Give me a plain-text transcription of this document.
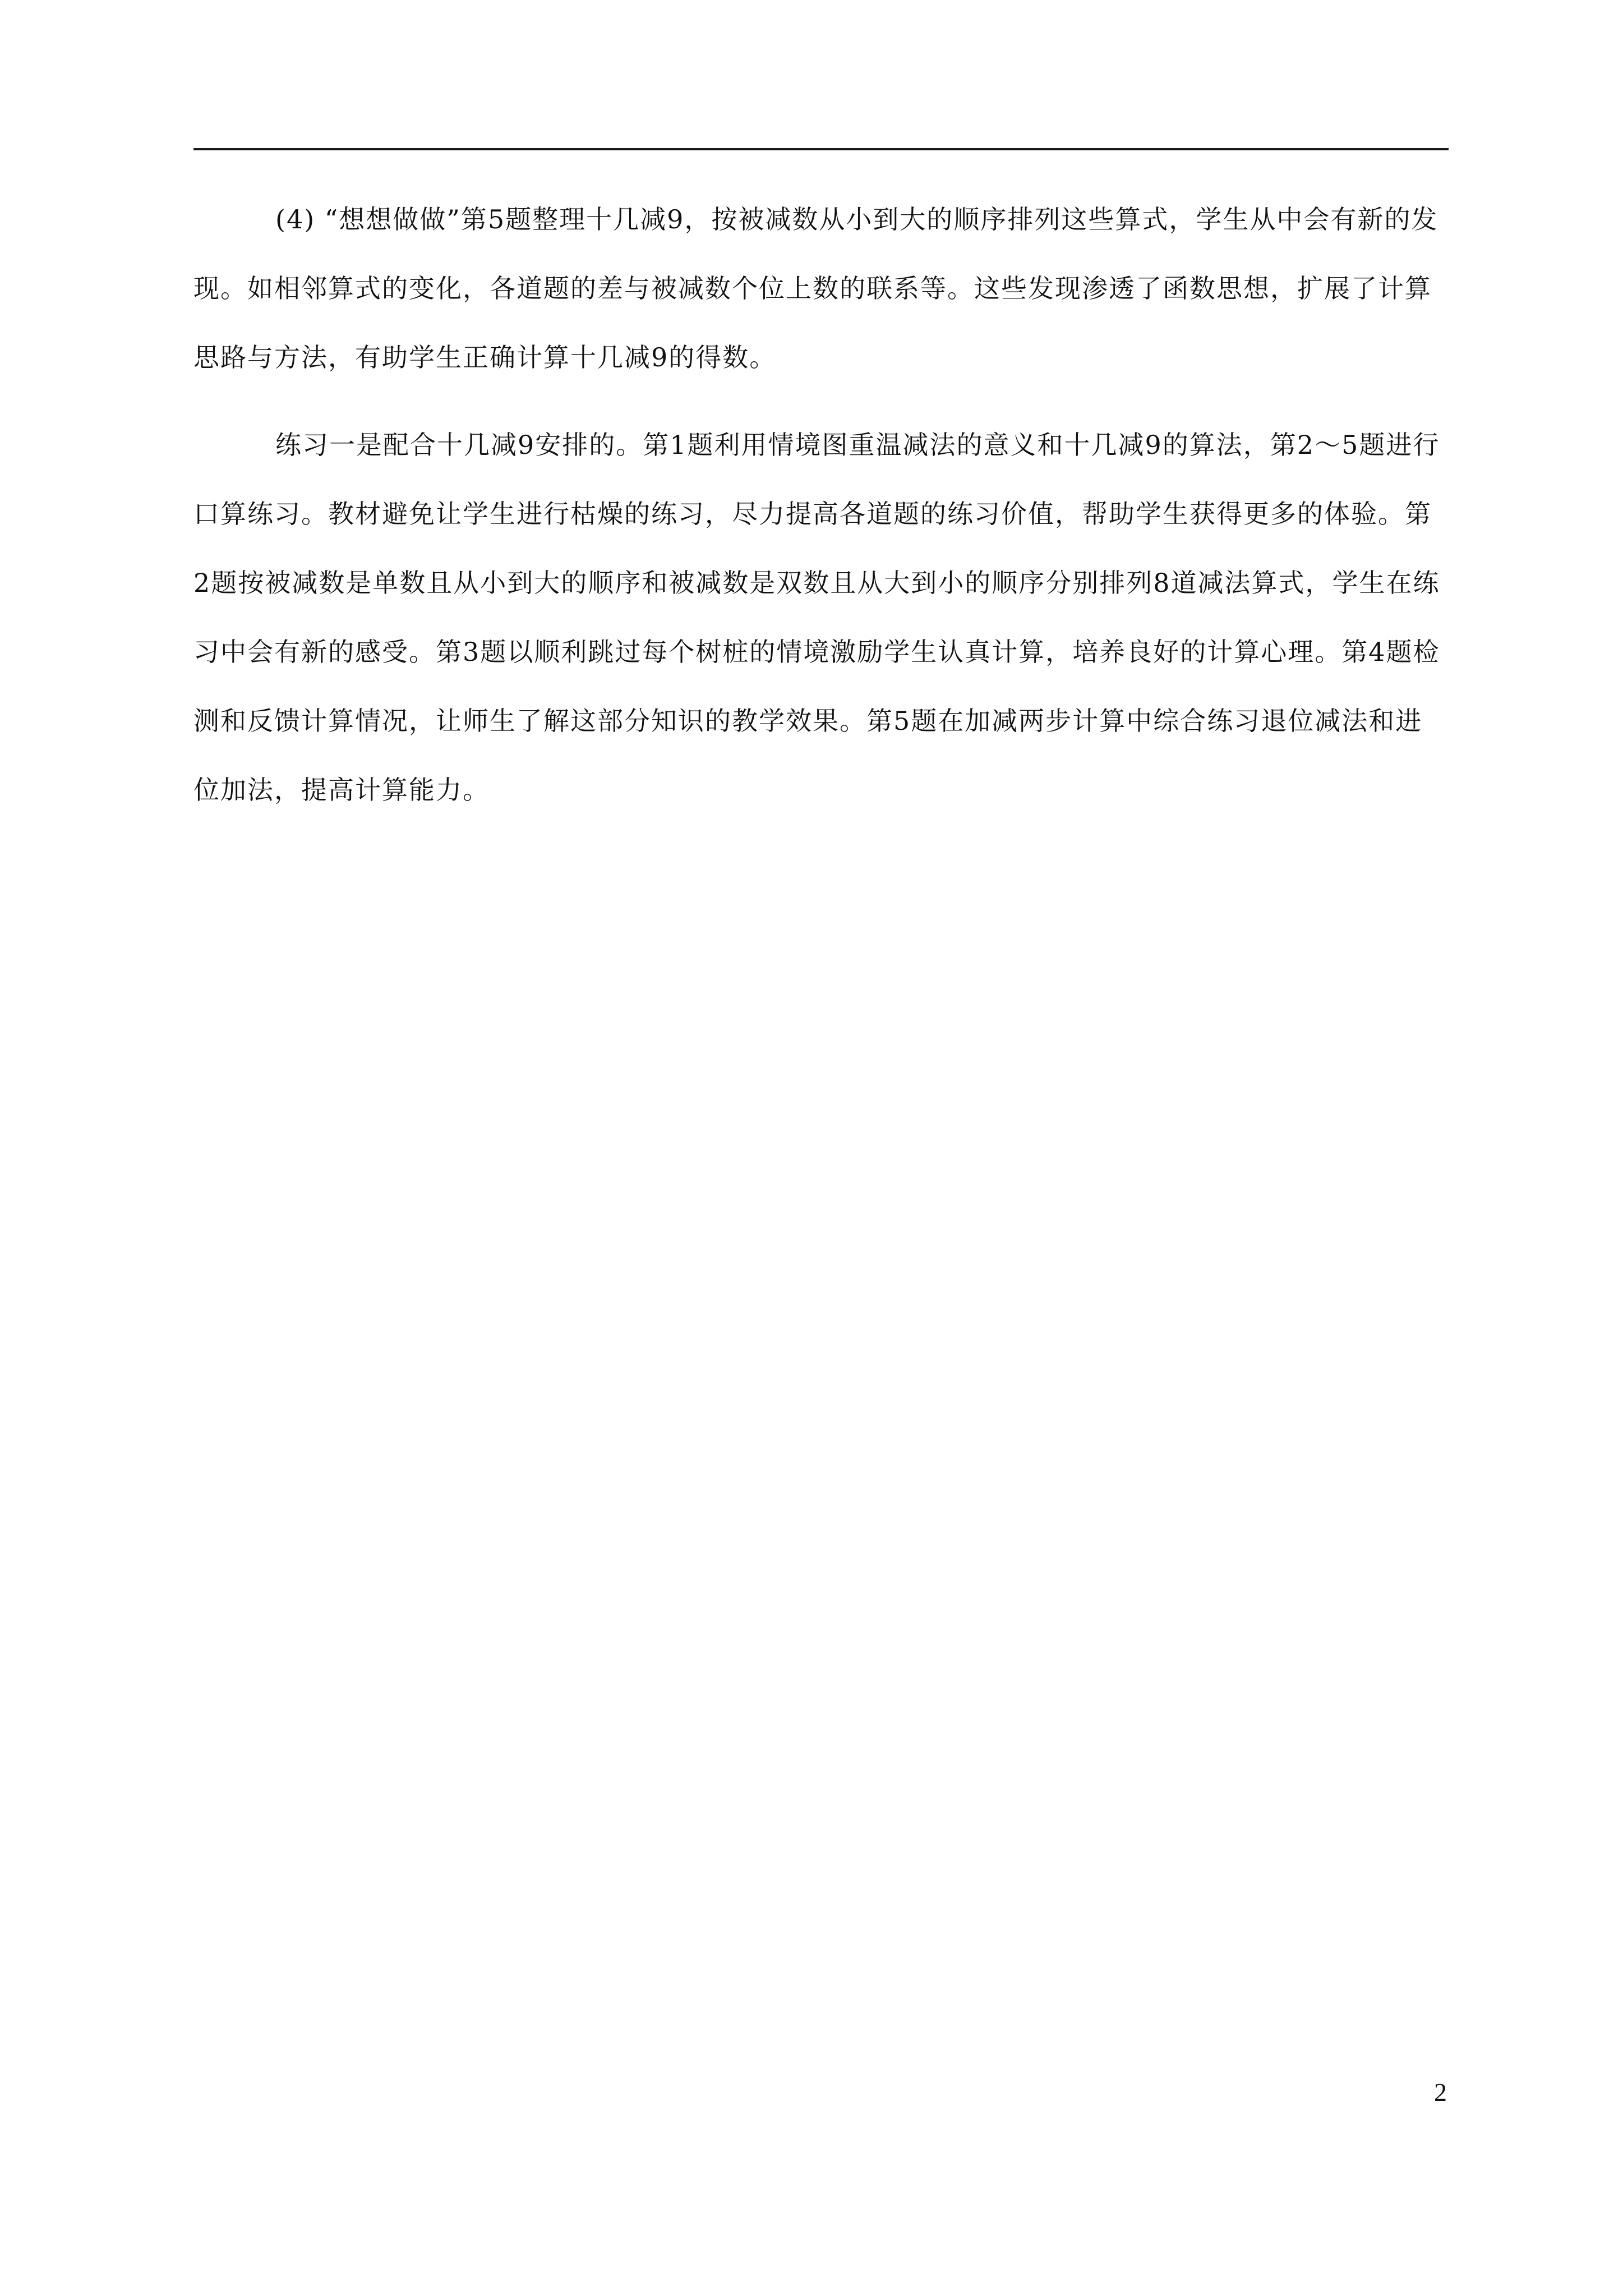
(4) “想想做做”第5题整理十几减9，按被减数从小到大的顺序排列这些算式，学生从中会有新的发现。如相邻算式的变化，各道题的差与被减数个位上数的联系等。这些发现渗透了函数思想，扩展了计算思路与方法，有助学生正确计算十几减9的得数。

练习一是配合十几减9安排的。第1题利用情境图重温减法的意义和十几减9的算法，第2～5题进行口算练习。教材避免让学生进行枯燥的练习，尽力提高各道题的练习价值，帮助学生获得更多的体验。第2题按被减数是单数且从小到大的顺序和被减数是双数且从大到小的顺序分别排列8道减法算式，学生在练习中会有新的感受。第3题以顺利跳过每个树桩的情境激励学生认真计算，培养良好的计算心理。第4题检测和反馈计算情况，让师生了解这部分知识的教学效果。第5题在加减两步计算中综合练习退位减法和进位加法，提高计算能力。

2
